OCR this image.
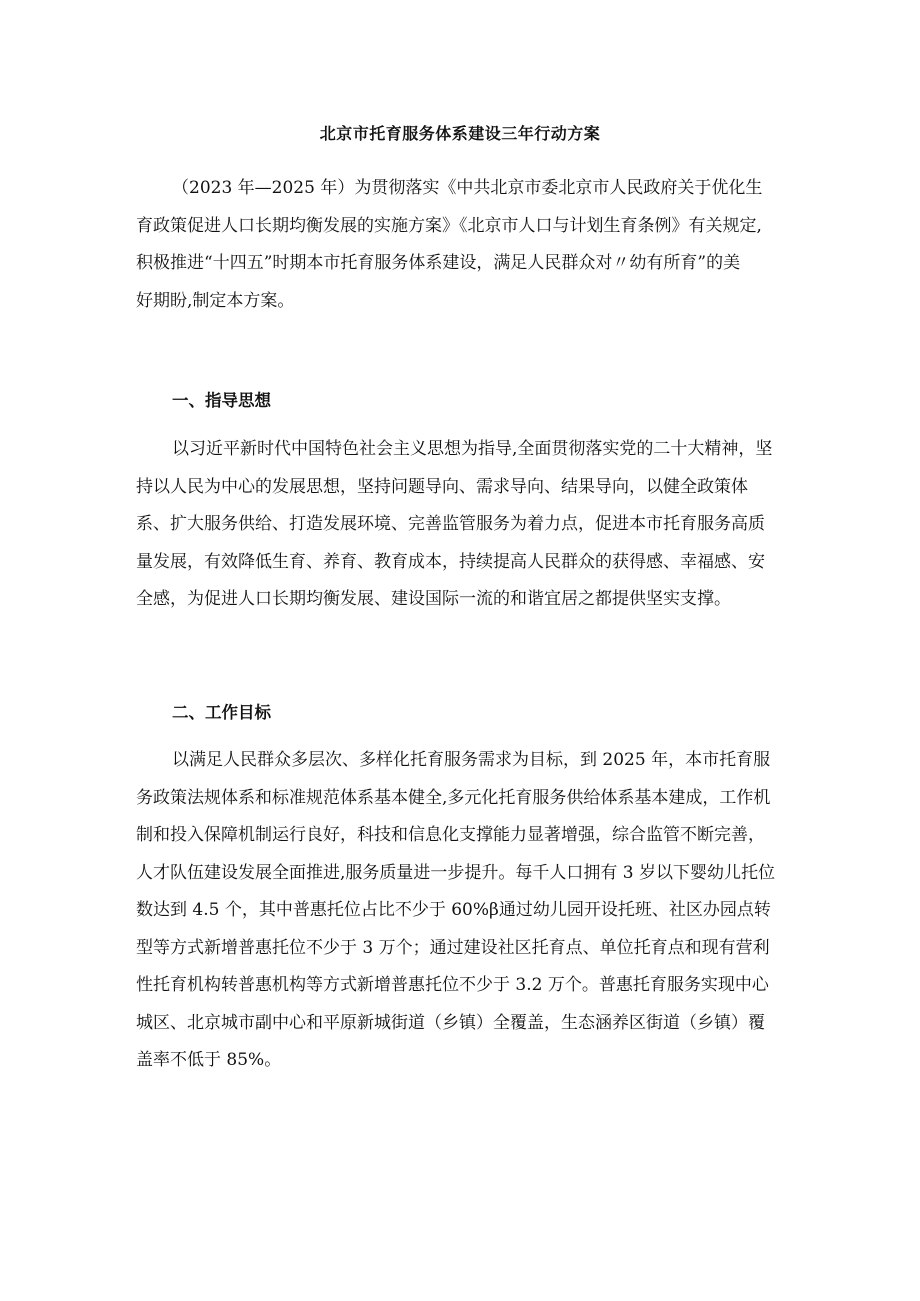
北京市托育服务体系建设三年行动方案
（2023 年—2025 年）为贯彻落实《中共北京市委北京市人民政府关于优化生
育政策促进人口长期均衡发展的实施方案》《北京市人口与计划生育条例》有关规定,
积极推进“十四五”时期本市托育服务体系建设，满足人民群众对〃幼有所育”的美
好期盼,制定本方案。
一、指导思想
以习近平新时代中国特色社会主义思想为指导,全面贯彻落实党的二十大精神，坚
持以人民为中心的发展思想，坚持问题导向、需求导向、结果导向，以健全政策体
系、扩大服务供给、打造发展环境、完善监管服务为着力点，促进本市托育服务高质
量发展，有效降低生育、养育、教育成本，持续提高人民群众的获得感、幸福感、安
全感，为促进人口长期均衡发展、建设国际一流的和谐宜居之都提供坚实支撑。
二、工作目标
以满足人民群众多层次、多样化托育服务需求为目标，到 2025 年，本市托育服
务政策法规体系和标准规范体系基本健全,多元化托育服务供给体系基本建成，工作机
制和投入保障机制运行良好，科技和信息化支撑能力显著增强，综合监管不断完善，
人才队伍建设发展全面推进,服务质量进一步提升。每千人口拥有 3 岁以下婴幼儿托位
数达到 4.5 个，其中普惠托位占比不少于 60%β通过幼儿园开设托班、社区办园点转
型等方式新增普惠托位不少于 3 万个；通过建设社区托育点、单位托育点和现有营利
性托育机构转普惠机构等方式新增普惠托位不少于 3.2 万个。普惠托育服务实现中心
城区、北京城市副中心和平原新城街道（乡镇）全覆盖，生态涵养区街道（乡镇）覆
盖率不低于 85%。
